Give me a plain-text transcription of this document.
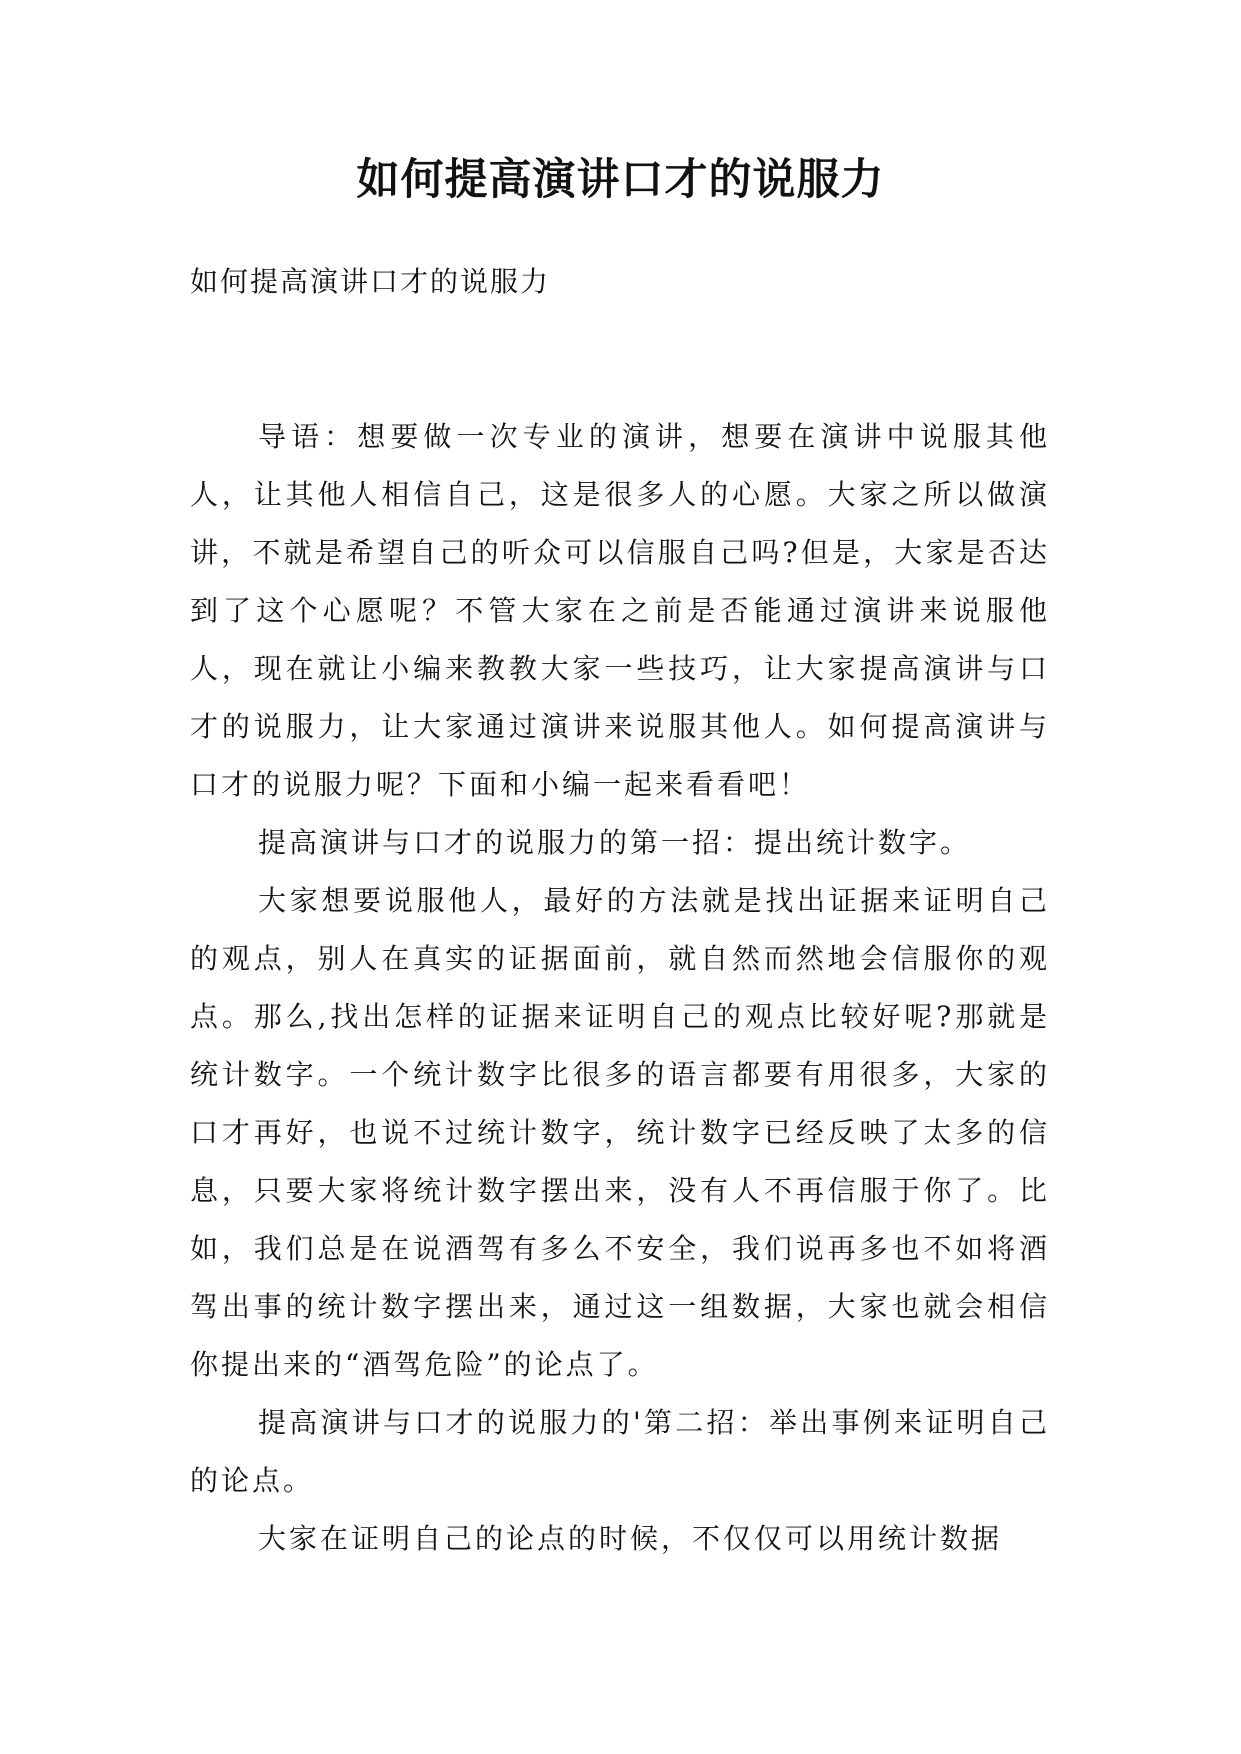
如何提高演讲口才的说服力
如何提高演讲口才的说服力

导语：想要做一次专业的演讲，想要在演讲中说服其他人，让其他人相信自己，这是很多人的心愿。大家之所以做演讲，不就是希望自己的听众可以信服自己吗?但是，大家是否达到了这个心愿呢？不管大家在之前是否能通过演讲来说服他人，现在就让小编来教教大家一些技巧，让大家提高演讲与口才的说服力，让大家通过演讲来说服其他人。如何提高演讲与口才的说服力呢？下面和小编一起来看看吧！

提高演讲与口才的说服力的第一招：提出统计数字。

大家想要说服他人，最好的方法就是找出证据来证明自己的观点，别人在真实的证据面前，就自然而然地会信服你的观点。那么,找出怎样的证据来证明自己的观点比较好呢?那就是统计数字。一个统计数字比很多的语言都要有用很多，大家的口才再好，也说不过统计数字，统计数字已经反映了太多的信息，只要大家将统计数字摆出来，没有人不再信服于你了。比如，我们总是在说酒驾有多么不安全，我们说再多也不如将酒驾出事的统计数字摆出来，通过这一组数据，大家也就会相信你提出来的“酒驾危险”的论点了。

提高演讲与口才的说服力的'第二招：举出事例来证明自己的论点。

大家在证明自己的论点的时候，不仅仅可以用统计数据
